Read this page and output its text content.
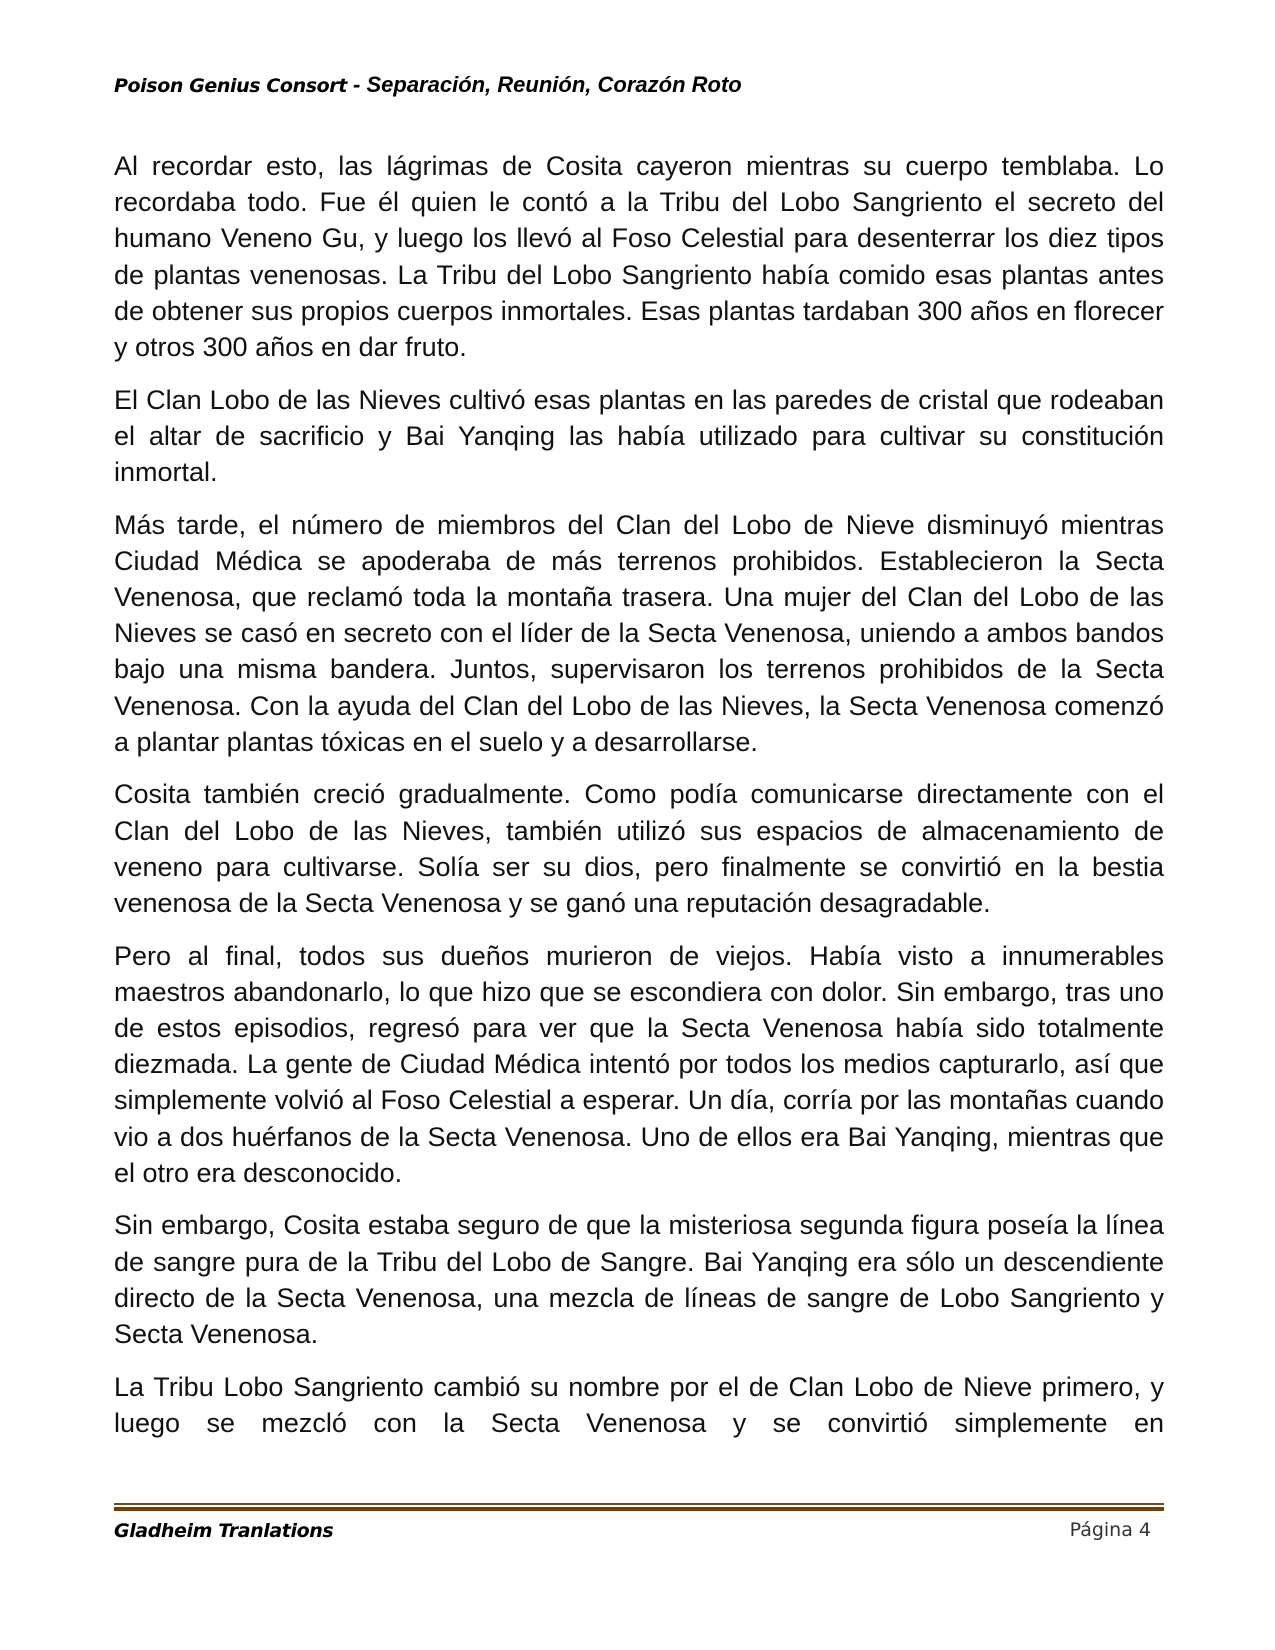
Poison Genius Consort - Separación, Reunión, Corazón Roto

Al recordar esto, las lágrimas de Cosita cayeron mientras su cuerpo temblaba. Lo recordaba todo. Fue él quien le contó a la Tribu del Lobo Sangriento el secreto del humano Veneno Gu, y luego los llevó al Foso Celestial para desenterrar los diez tipos de plantas venenosas. La Tribu del Lobo Sangriento había comido esas plantas antes de obtener sus propios cuerpos inmortales. Esas plantas tardaban 300 años en florecer y otros 300 años en dar fruto.

El Clan Lobo de las Nieves cultivó esas plantas en las paredes de cristal que rodeaban el altar de sacrificio y Bai Yanqing las había utilizado para cultivar su constitución inmortal.

Más tarde, el número de miembros del Clan del Lobo de Nieve disminuyó mientras Ciudad Médica se apoderaba de más terrenos prohibidos. Establecieron la Secta Venenosa, que reclamó toda la montaña trasera. Una mujer del Clan del Lobo de las Nieves se casó en secreto con el líder de la Secta Venenosa, uniendo a ambos bandos bajo una misma bandera. Juntos, supervisaron los terrenos prohibidos de la Secta Venenosa. Con la ayuda del Clan del Lobo de las Nieves, la Secta Venenosa comenzó a plantar plantas tóxicas en el suelo y a desarrollarse.

Cosita también creció gradualmente. Como podía comunicarse directamente con el Clan del Lobo de las Nieves, también utilizó sus espacios de almacenamiento de veneno para cultivarse. Solía ser su dios, pero finalmente se convirtió en la bestia venenosa de la Secta Venenosa y se ganó una reputación desagradable.

Pero al final, todos sus dueños murieron de viejos. Había visto a innumerables maestros abandonarlo, lo que hizo que se escondiera con dolor. Sin embargo, tras uno de estos episodios, regresó para ver que la Secta Venenosa había sido totalmente diezmada. La gente de Ciudad Médica intentó por todos los medios capturarlo, así que simplemente volvió al Foso Celestial a esperar. Un día, corría por las montañas cuando vio a dos huérfanos de la Secta Venenosa. Uno de ellos era Bai Yanqing, mientras que el otro era desconocido.

Sin embargo, Cosita estaba seguro de que la misteriosa segunda figura poseía la línea de sangre pura de la Tribu del Lobo de Sangre. Bai Yanqing era sólo un descendiente directo de la Secta Venenosa, una mezcla de líneas de sangre de Lobo Sangriento y Secta Venenosa.

La Tribu Lobo Sangriento cambió su nombre por el de Clan Lobo de Nieve primero, y luego se mezcló con la Secta Venenosa y se convirtió simplemente en

Gladheim Tranlations	Página 4
